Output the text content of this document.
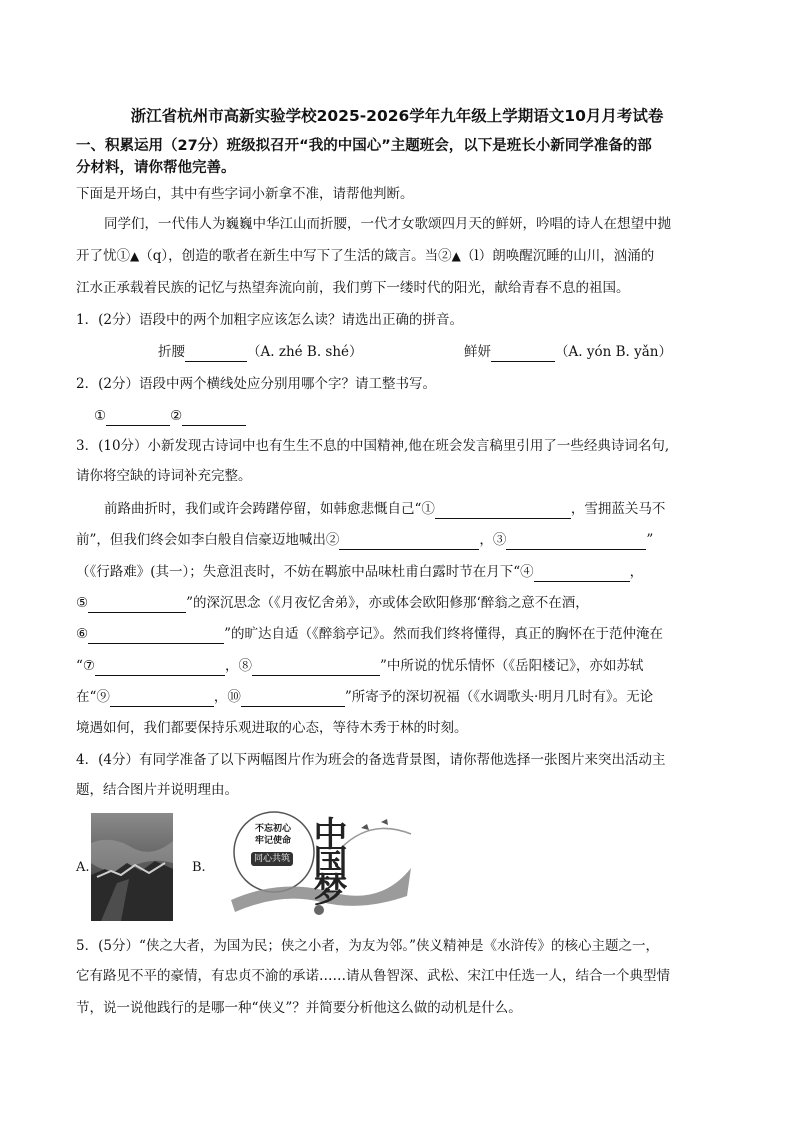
浙江省杭州市高新实验学校2025-2026学年九年级上学期语文10月月考试卷
一、积累运用（27分）班级拟召开“我的中国心”主题班会，以下是班长小新同学准备的部
分材料，请你帮他完善。
下面是开场白，其中有些字词小新拿不准，请帮他判断。
同学们，一代伟人为巍巍中华江山而折腰，一代才女歌颂四月天的鲜妍，吟唱的诗人在想望中抛
开了忧①▲（q），创造的歌者在新生中写下了生活的箴言。当②▲（l）朗唤醒沉睡的山川，汹涌的
江水正承载着民族的记忆与热望奔流向前，我们剪下一缕时代的阳光，献给青春不息的祖国。
1．(2分）语段中的两个加粗字应该怎么读？请选出正确的拼音。
折腰	（A. zhé B. shé）	鲜妍	（A. yón B. yǎn）
2．(2分）语段中两个横线处应分别用哪个字？请工整书写。
①	②
3．(10分）小新发现古诗词中也有生生不息的中国精神,他在班会发言稿里引用了一些经典诗词名句,
请你将空缺的诗词补充完整。
前路曲折时，我们或许会踌躇停留，如韩愈悲慨自己“①	，雪拥蓝关马不
前”，但我们终会如李白般自信豪迈地喊出②	，③	”
（《行路难》(其一）；失意沮丧时，不妨在羁旅中品味杜甫白露时节在月下“④	，
⑤	”的深沉思念（《月夜忆舍弟》，亦或体会欧阳修那‘醉翁之意不在酒，
⑥	”的旷达自适（《醉翁亭记》。然而我们终将懂得，真正的胸怀在于范仲淹在
“⑦	，⑧	”中所说的忧乐情怀（《岳阳楼记》，亦如苏轼
在“⑨	，⑩	”所寄予的深切祝福（《水调歌头·明月几时有》。无论
境遇如何，我们都要保持乐观进取的心态，等待木秀于林的时刻。
4．(4分）有同学准备了以下两幅图片作为班会的备选背景图，请你帮他选择一张图片来突出活动主
题，结合图片并说明理由。
A.	B.	中国梦
不忘初心
牢记使命
同心共筑
5．(5分）“侠之大者，为国为民；侠之小者，为友为邻。”侠义精神是《水浒传》的核心主题之一，
它有路见不平的豪情，有忠贞不渝的承诺……请从鲁智深、武松、宋江中任选一人，结合一个典型情
节，说一说他践行的是哪一种“侠义”？并简要分析他这么做的动机是什么。
